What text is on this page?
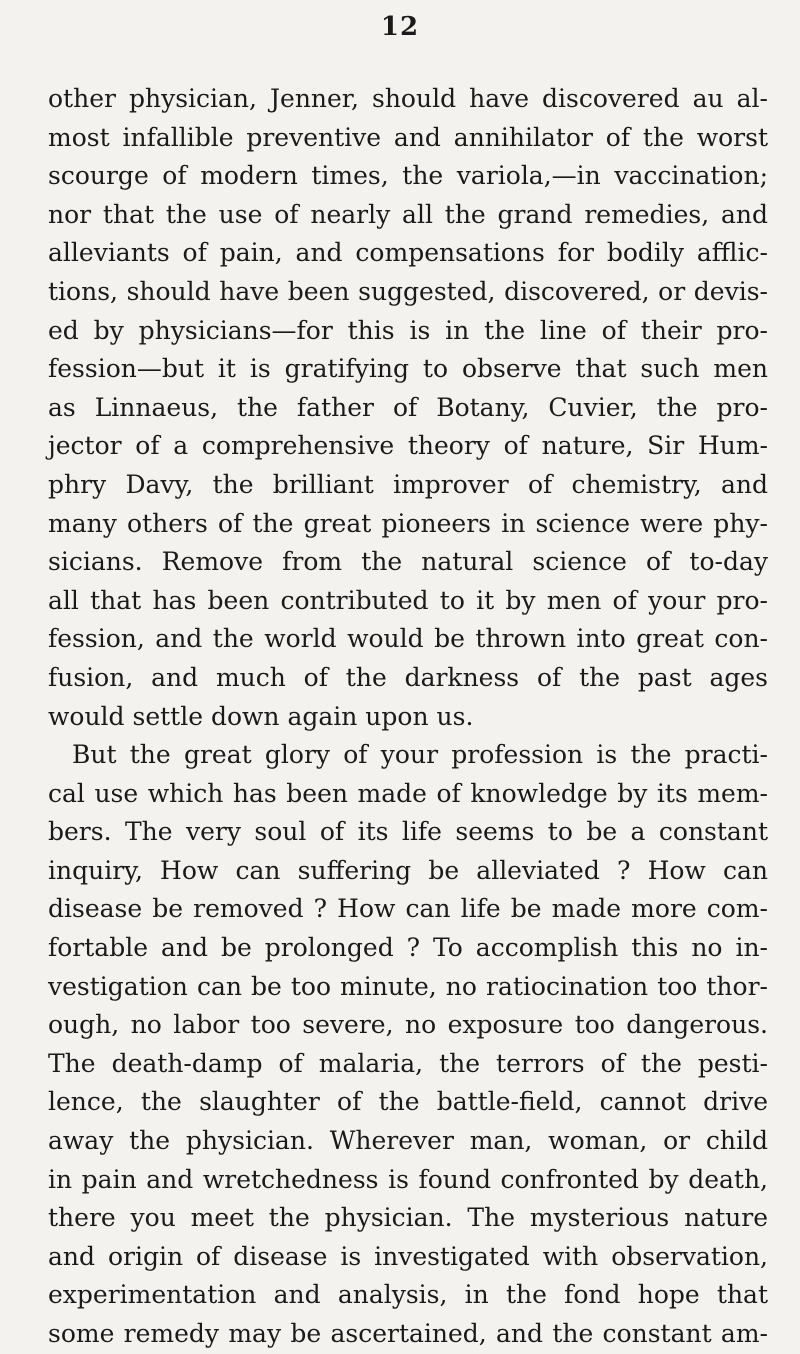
12
other physician, Jenner, should have discovered au al-
most infallible preventive and annihilator of the worst
scourge of modern times, the variola,—in vaccination;
nor that the use of nearly all the grand remedies, and
alleviants of pain, and compensations for bodily afflic-
tions, should have been suggested, discovered, or devis-
ed by physicians—for this is in the line of their pro-
fession—but it is gratifying to observe that such men
as Linnaeus, the father of Botany, Cuvier, the pro-
jector of a comprehensive theory of nature, Sir Hum-
phry Davy, the brilliant improver of chemistry, and
many others of the great pioneers in science were phy-
sicians. Remove from the natural science of to-day
all that has been contributed to it by men of your pro-
fession, and the world would be thrown into great con-
fusion, and much of the darkness of the past ages
would settle down again upon us.
But the great glory of your profession is the practi-
cal use which has been made of knowledge by its mem-
bers. The very soul of its life seems to be a constant
inquiry, How can suffering be alleviated ? How can
disease be removed ? How can life be made more com-
fortable and be prolonged ? To accomplish this no in-
vestigation can be too minute, no ratiocination too thor-
ough, no labor too severe, no exposure too dangerous.
The death-damp of malaria, the terrors of the pesti-
lence, the slaughter of the battle-field, cannot drive
away the physician. Wherever man, woman, or child
in pain and wretchedness is found confronted by death,
there you meet the physician. The mysterious nature
and origin of disease is investigated with observation,
experimentation and analysis, in the fond hope that
some remedy may be ascertained, and the constant am-
